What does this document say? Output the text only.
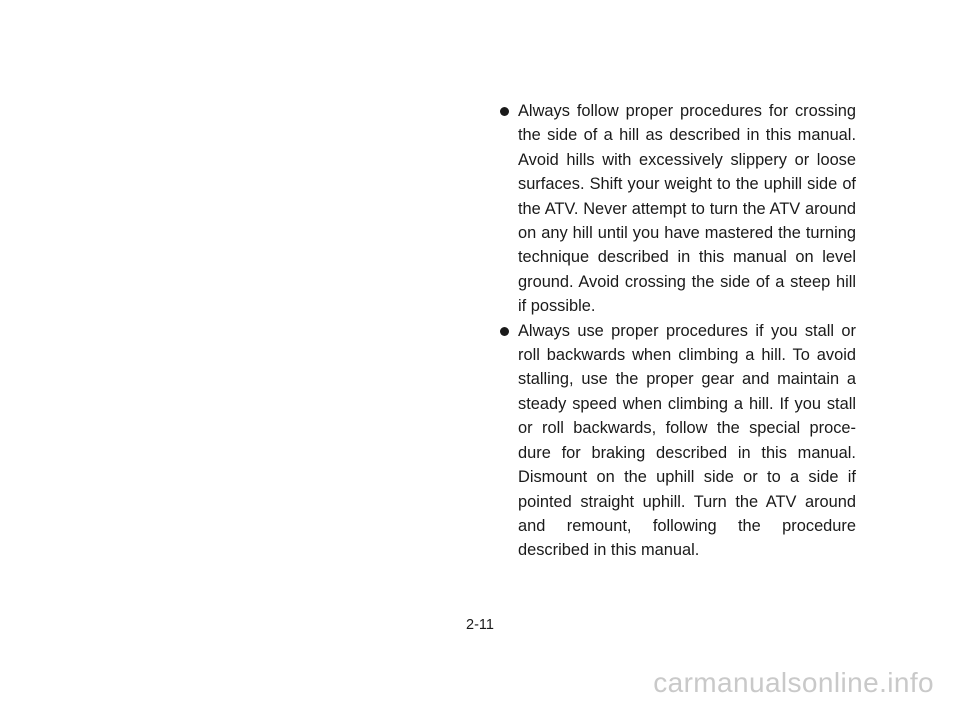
Always follow proper procedures for crossing the side of a hill as described in this manual. Avoid hills with excessively slippery or loose surfaces. Shift your weight to the uphill side of the ATV. Never attempt to turn the ATV around on any hill until you have mastered the turning technique described in this manual on level ground. Avoid crossing the side of a steep hill if possible.
Always use proper procedures if you stall or roll backwards when climbing a hill. To avoid stalling, use the proper gear and maintain a steady speed when climbing a hill. If you stall or roll backwards, follow the special proce-dure for braking described in this manual. Dismount on the uphill side or to a side if pointed straight uphill. Turn the ATV around and remount, following the procedure described in this manual.
2-11
carmanualsonline.info
